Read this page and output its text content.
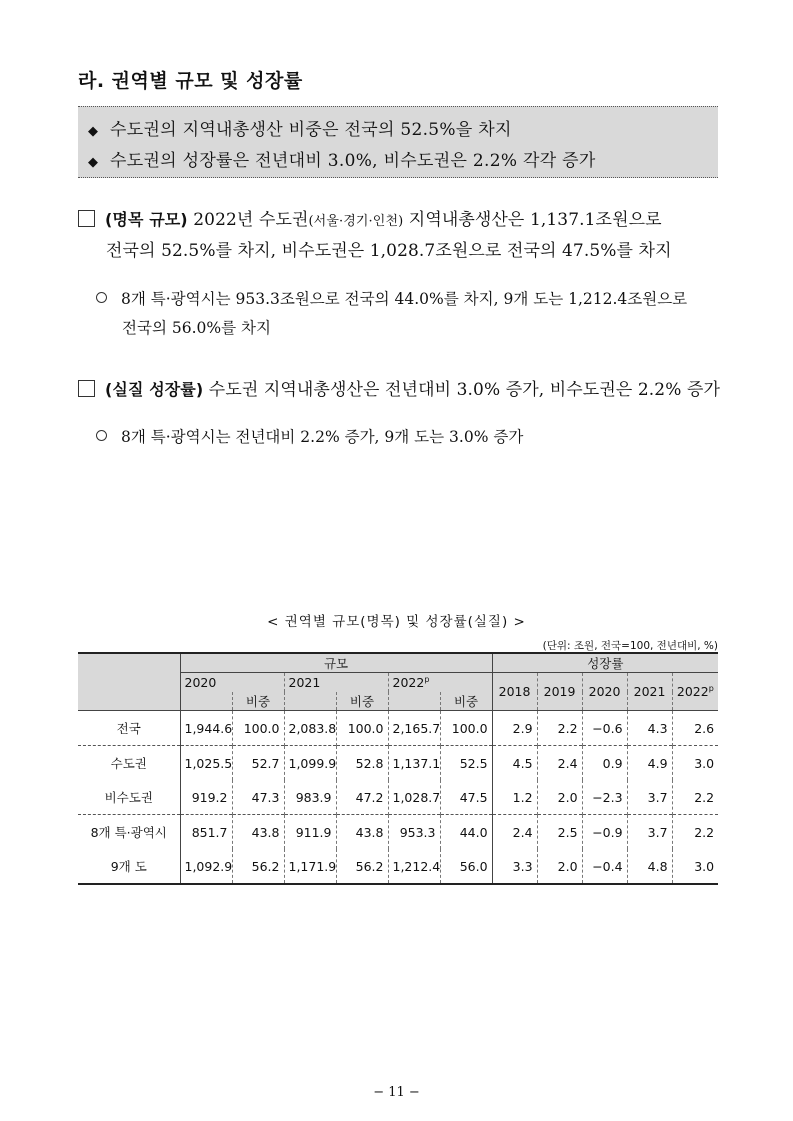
라. 권역별 규모 및 성장률
◆ 수도권의 지역내총생산 비중은 전국의 52.5%을 차지
◆ 수도권의 성장률은 전년대비 3.0%, 비수도권은 2.2% 각각 증가
(명목 규모) 2022년 수도권(서울·경기·인천) 지역내총생산은 1,137.1조원으로
전국의 52.5%를 차지, 비수도권은 1,028.7조원으로 전국의 47.5%를 차지
8개 특·광역시는 953.3조원으로 전국의 44.0%를 차지, 9개 도는 1,212.4조원으로
전국의 56.0%를 차지
(실질 성장률) 수도권 지역내총생산은 전년대비 3.0% 증가, 비수도권은 2.2% 증가
8개 특·광역시는 전년대비 2.2% 증가, 9개 도는 3.0% 증가
< 권역별 규모(명목) 및 성장률(실질) >
(단위: 조원, 전국=100, 전년대비, %)
	규모						성장률				
	2020		2021		2022$^p$		2018	2019	2020	2021	2022$^p$
		비중		비중		비중					
전국	1,944.6	100.0	2,083.8	100.0	2,165.7	100.0	2.9	2.2	−0.6	4.3	2.6
수도권	1,025.5	52.7	1,099.9	52.8	1,137.1	52.5	4.5	2.4	0.9	4.9	3.0
비수도권	919.2	47.3	983.9	47.2	1,028.7	47.5	1.2	2.0	−2.3	3.7	2.2
8개 특·광역시	851.7	43.8	911.9	43.8	953.3	44.0	2.4	2.5	−0.9	3.7	2.2
9개 도	1,092.9	56.2	1,171.9	56.2	1,212.4	56.0	3.3	2.0	−0.4	4.8	3.0
− 11 −
